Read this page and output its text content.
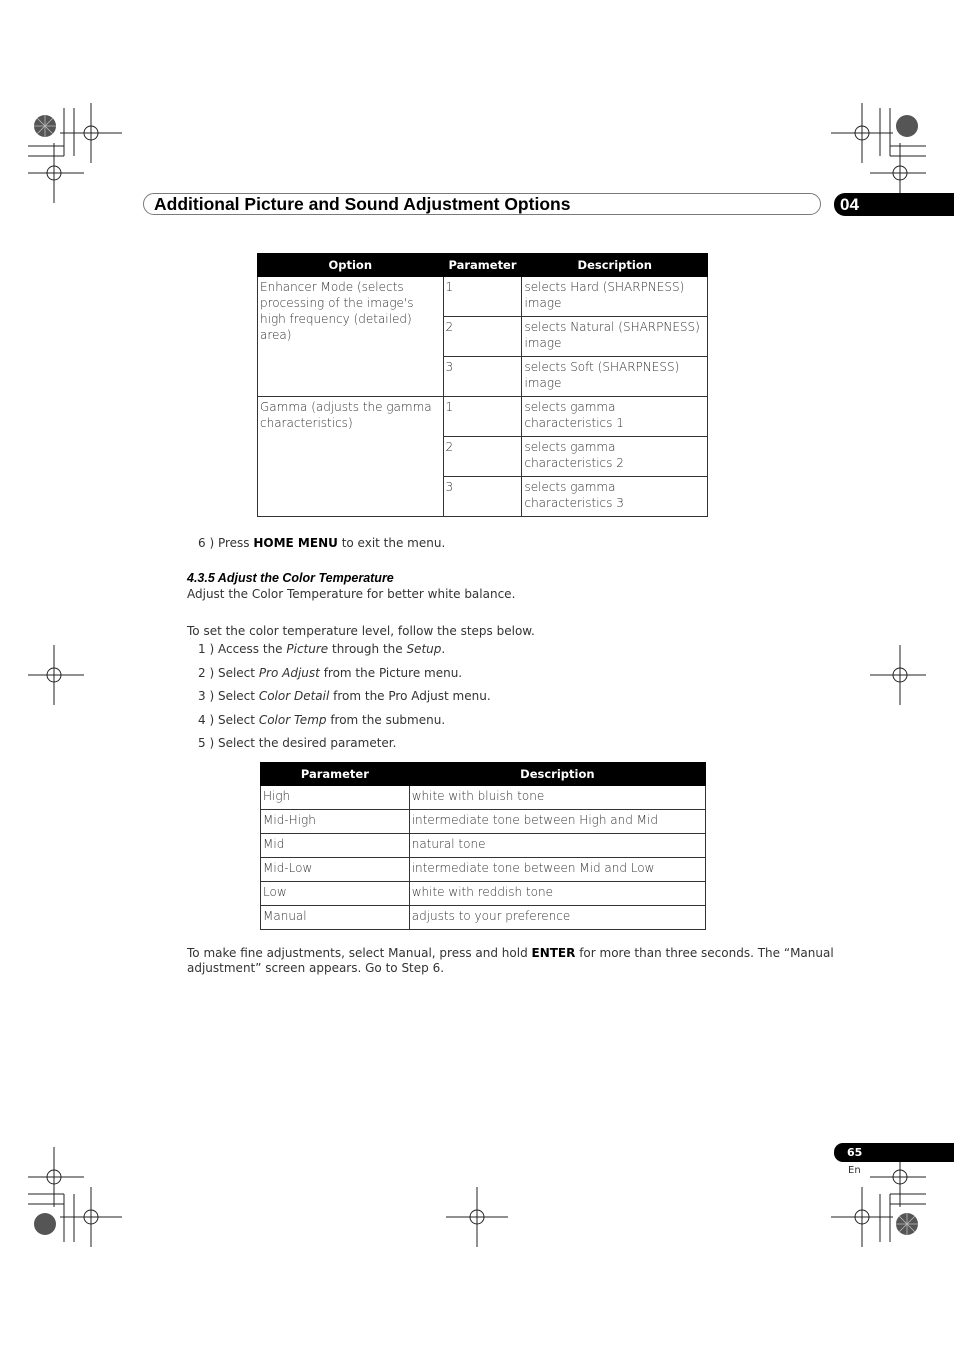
Additional Picture and Sound Adjustment Options	04
Option	Parameter	Description
Enhancer Mode (selects processing of the image's high frequency (detailed) area)	1	selects Hard (SHARPNESS) image
	2	selects Natural (SHARPNESS) image
	3	selects Soft (SHARPNESS) image
Gamma (adjusts the gamma characteristics)	1	selects gamma characteristics 1
	2	selects gamma characteristics 2
	3	selects gamma characteristics 3
6 ) Press HOME MENU to exit the menu.
4.3.5 Adjust the Color Temperature
Adjust the Color Temperature for better white balance.
To set the color temperature level, follow the steps below.
1 ) Access the Picture through the Setup.
2 ) Select Pro Adjust from the Picture menu.
3 ) Select Color Detail from the Pro Adjust menu.
4 ) Select Color Temp from the submenu.
5 ) Select the desired parameter.
Parameter	Description
High	white with bluish tone
Mid-High	intermediate tone between High and Mid
Mid	natural tone
Mid-Low	intermediate tone between Mid and Low
Low	white with reddish tone
Manual	adjusts to your preference
To make fine adjustments, select Manual, press and hold ENTER for more than three seconds. The “Manual
adjustment” screen appears. Go to Step 6.
65
En
